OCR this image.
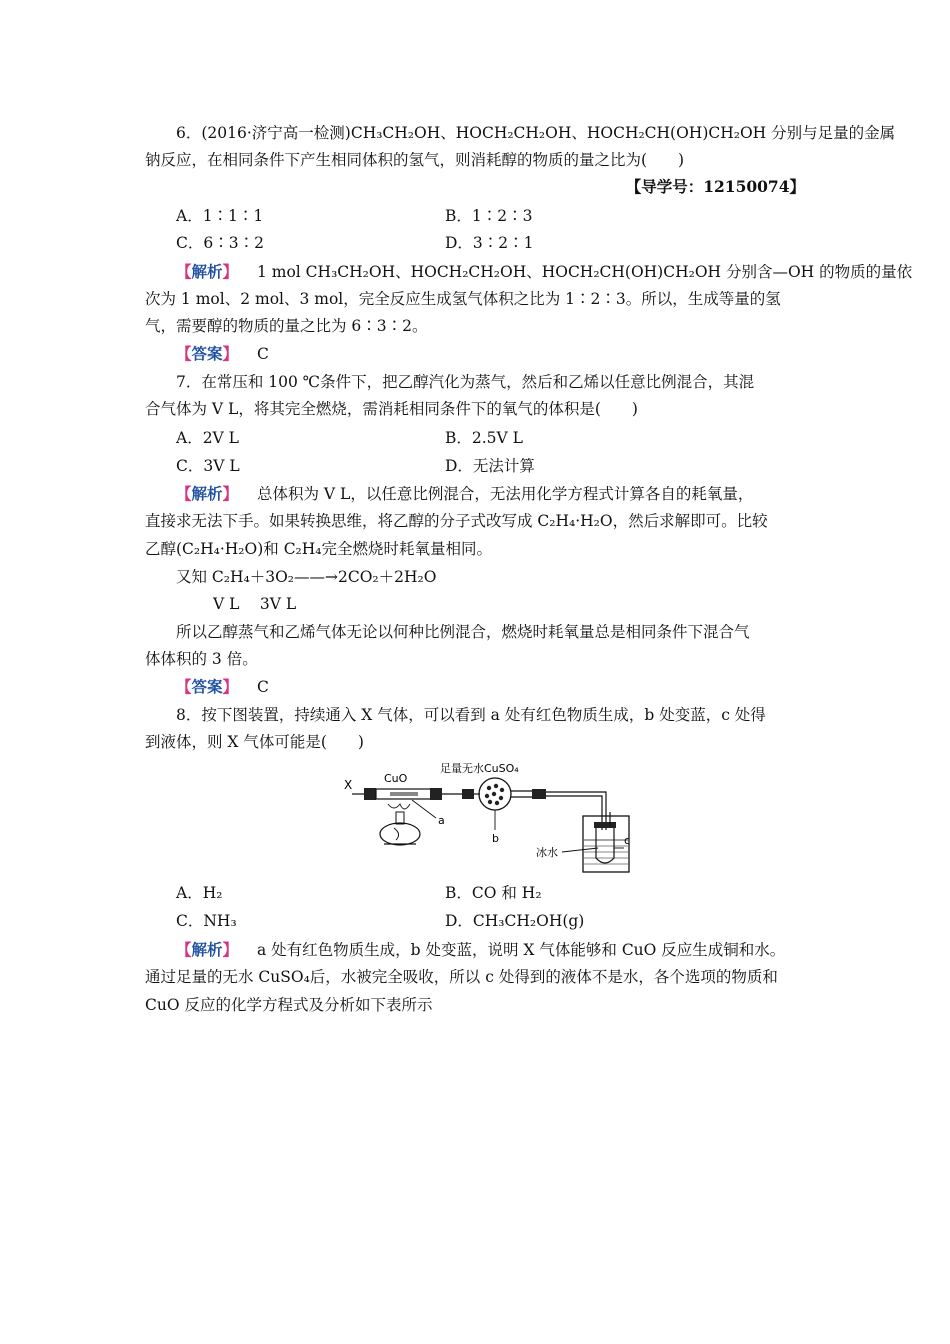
6．(2016·济宁高一检测)CH₃CH₂OH、HOCH₂CH₂OH、HOCH₂CH(OH)CH₂OH 分别与足量的金属
钠反应，在相同条件下产生相同体积的氢气，则消耗醇的物质的量之比为(　　)
【导学号：12150074】
A．1∶1∶1	B．1∶2∶3
C．6∶3∶2	D．3∶2∶1
【解析】 1 mol CH₃CH₂OH、HOCH₂CH₂OH、HOCH₂CH(OH)CH₂OH 分别含—OH 的物质的量依
次为 1 mol、2 mol、3 mol，完全反应生成氢气体积之比为 1∶2∶3。所以，生成等量的氢
气，需要醇的物质的量之比为 6∶3∶2。
【答案】 C
7．在常压和 100 ℃条件下，把乙醇汽化为蒸气，然后和乙烯以任意比例混合，其混
合气体为 V L，将其完全燃烧，需消耗相同条件下的氧气的体积是(　　)
A．2V L	B．2.5V L
C．3V L	D．无法计算
【解析】 总体积为 V L，以任意比例混合，无法用化学方程式计算各自的耗氧量，
直接求无法下手。如果转换思维，将乙醇的分子式改写成 C₂H₄·H₂O，然后求解即可。比较
乙醇(C₂H₄·H₂O)和 C₂H₄完全燃烧时耗氧量相同。
又知 C₂H₄＋3O₂——→2CO₂＋2H₂O
V L　 3V L
所以乙醇蒸气和乙烯气体无论以何种比例混合，燃烧时耗氧量总是相同条件下混合气
体体积的 3 倍。
【答案】 C
8．按下图装置，持续通入 X 气体，可以看到 a 处有红色物质生成，b 处变蓝，c 处得
到液体，则 X 气体可能是(　　)
X	CuO
a
足量无水CuSO₄
b
冰水
c
A．H₂	B．CO 和 H₂
C．NH₃	D．CH₃CH₂OH(g)
【解析】 a 处有红色物质生成，b 处变蓝，说明 X 气体能够和 CuO 反应生成铜和水。
通过足量的无水 CuSO₄后，水被完全吸收，所以 c 处得到的液体不是水，各个选项的物质和
CuO 反应的化学方程式及分析如下表所示
